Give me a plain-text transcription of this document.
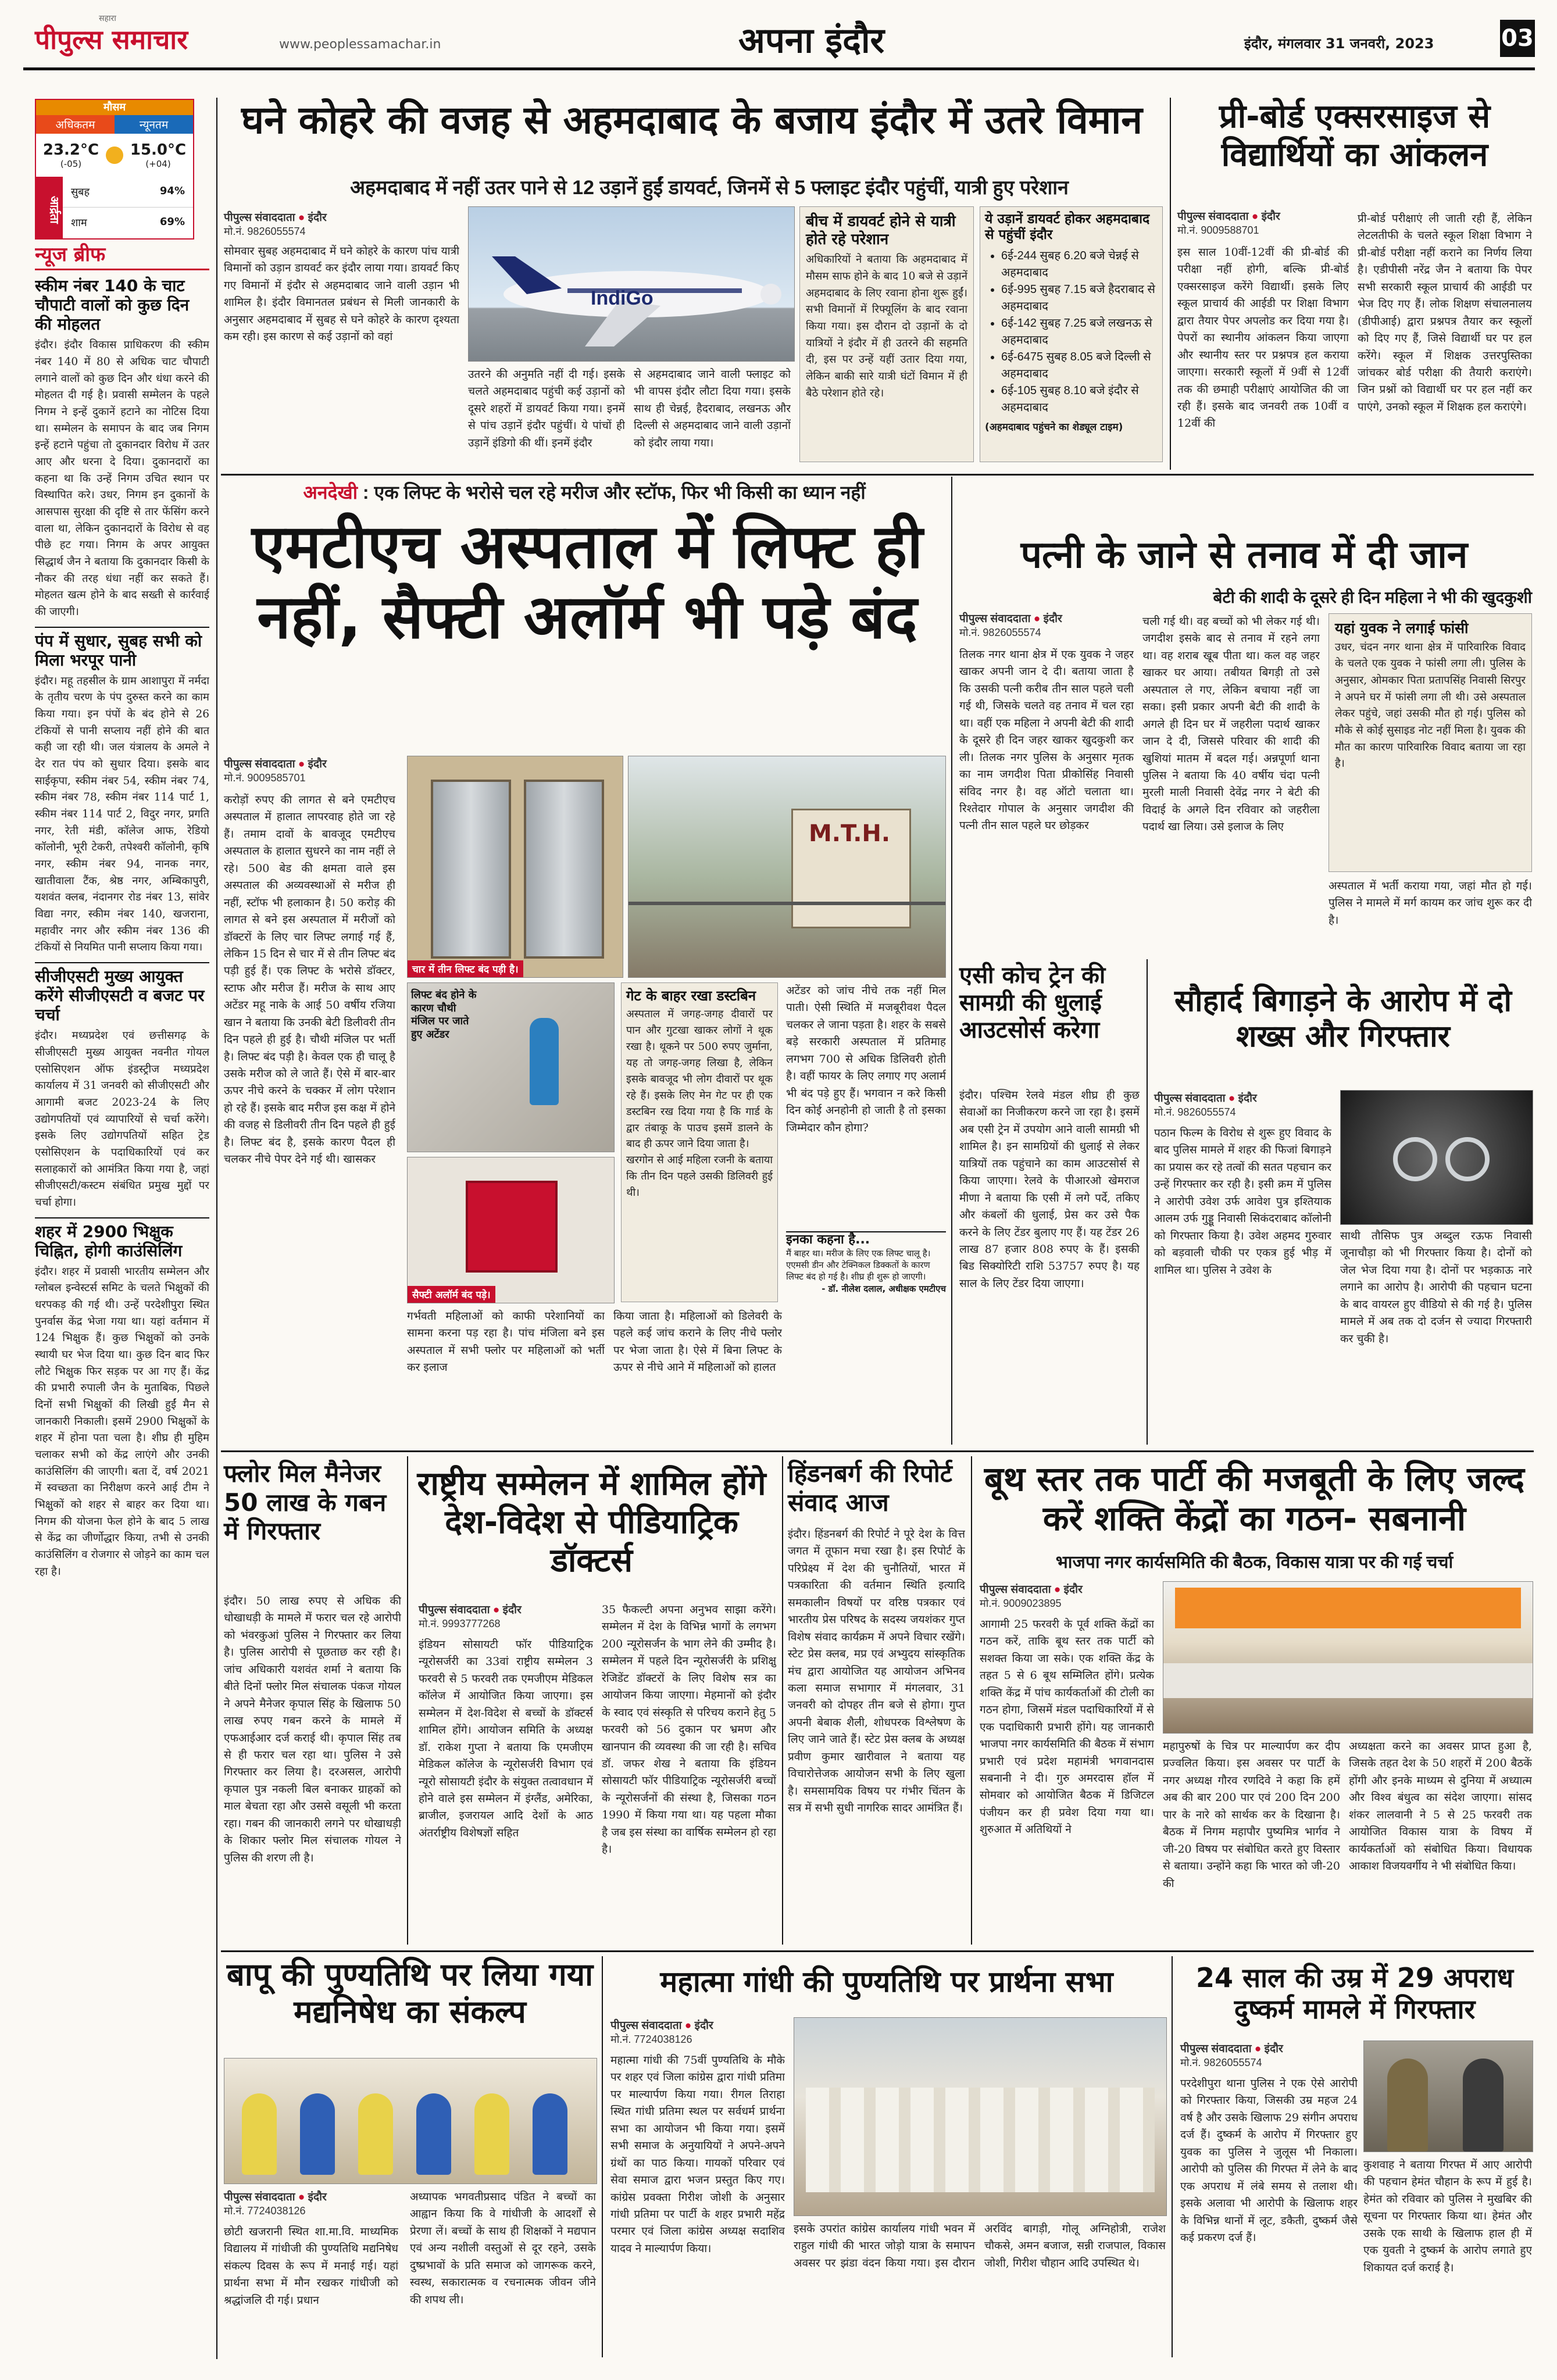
पीपुल्स समाचार
सहारा
www.peoplessamachar.in	अपना इंदौर	इंदौर, मंगलवार 31 जनवरी, 2023	03
मौसम
अधिकतम	न्यूनतम
23.2°C
(-05)
15.0°C
(+04)
आर्द्रता
सुबह	94%
शाम	69%
न्यूज ब्रीफ
स्कीम नंबर 140 के चाट चौपाटी वालों को कुछ दिन की मोहलत
इंदौर। इंदौर विकास प्राधिकरण की स्कीम नंबर 140 में 80 से अधिक चाट चौपाटी लगाने वालों को कुछ दिन और धंधा करने की मोहलत दी गई है। प्रवासी सम्मेलन के पहले निगम ने इन्हें दुकानें हटाने का नोटिस दिया था। सम्मेलन के समापन के बाद जब निगम इन्हें हटाने पहुंचा तो दुकानदार विरोध में उतर आए और धरना दे दिया। दुकानदारों का कहना था कि उन्हें निगम उचित स्थान पर विस्थापित करे। उधर, निगम इन दुकानों के आसपास सुरक्षा की दृष्टि से तार फेंसिंग करने वाला था, लेकिन दुकानदारों के विरोध से वह पीछे हट गया। निगम के अपर आयुक्त सिद्धार्थ जैन ने बताया कि दुकानदार किसी के नौकर की तरह धंधा नहीं कर सकते हैं। मोहलत खत्म होने के बाद सख्ती से कार्रवाई की जाएगी।
पंप में सुधार, सुबह सभी को मिला भरपूर पानी
इंदौर। महू तहसील के ग्राम आशापुरा में नर्मदा के तृतीय चरण के पंप दुरुस्त करने का काम किया गया। इन पंपों के बंद होने से 26 टंकियों से पानी सप्लाय नहीं होने की बात कही जा रही थी। जल यंत्रालय के अमले ने देर रात पंप को सुधार दिया। इसके बाद साईकृपा, स्कीम नंबर 54, स्कीम नंबर 74, स्कीम नंबर 78, स्कीम नंबर 114 पार्ट 1, स्कीम नंबर 114 पार्ट 2, विदुर नगर, प्रगति नगर, रेती मंडी, कॉलेज आफ, रेडियो कॉलोनी, भूरी टेकरी, तपेश्वरी कॉलोनी, कृषि नगर, स्कीम नंबर 94, नानक नगर, खातीवाला टैंक, श्रेष्ठ नगर, अम्बिकापुरी, यशवंत क्लब, नंदानगर रोड नंबर 13, सांवेर विद्या नगर, स्कीम नंबर 140, खजराना, महावीर नगर और स्कीम नंबर 136 की टंकियों से नियमित पानी सप्लाय किया गया।
सीजीएसटी मुख्य आयुक्त करेंगे सीजीएसटी व बजट पर चर्चा
इंदौर। मध्यप्रदेश एवं छत्तीसगढ़ के सीजीएसटी मुख्य आयुक्त नवनीत गोयल एसोसिएशन ऑफ इंडस्ट्रीज मध्यप्रदेश कार्यालय में 31 जनवरी को सीजीएसटी और आगामी बजट 2023-24 के लिए उद्योगपतियों एवं व्यापारियों से चर्चा करेंगे। इसके लिए उद्योगपतियों सहित ट्रेड एसोसिएशन के पदाधिकारियों एवं कर सलाहकारों को आमंत्रित किया गया है, जहां सीजीएसटी/कस्टम संबंधित प्रमुख मुद्दों पर चर्चा होगा।
शहर में 2900 भिक्षुक चिह्नित, होगी काउंसिलिंग
इंदौर। शहर में प्रवासी भारतीय सम्मेलन और ग्लोबल इन्वेस्टर्स समिट के चलते भिक्षुकों की धरपकड़ की गई थी। उन्हें परदेशीपुरा स्थित पुनर्वास केंद्र भेजा गया था। यहां वर्तमान में 124 भिक्षुक हैं। कुछ भिक्षुकों को उनके स्थायी घर भेज दिया था। कुछ दिन बाद फिर लौटे भिक्षुक फिर सड़क पर आ गए हैं। केंद्र की प्रभारी रुपाली जैन के मुताबिक, पिछले दिनों सभी भिक्षुकों की लिखी हुईं मैन से जानकारी निकाली। इसमें 2900 भिक्षुकों के शहर में होना पता चला है। शीघ्र ही मुहिम चलाकर सभी को केंद्र लाएंगे और उनकी काउंसिलिंग की जाएगी। बता दें, वर्ष 2021 में स्वच्छता का निरीक्षण करने आई टीम ने भिक्षुकों को शहर से बाहर कर दिया था। निगम की योजना फेल होने के बाद 5 लाख से केंद्र का जीर्णोद्धार किया, तभी से उनकी काउंसिलिंग व रोजगार से जोड़ने का काम चल रहा है।
घने कोहरे की वजह से अहमदाबाद के बजाय इंदौर में उतरे विमान
अहमदाबाद में नहीं उतर पाने से 12 उड़ानें हुईं डायवर्ट, जिनमें से 5 फ्लाइट इंदौर पहुंचीं, यात्री हुए परेशान
पीपुल्स संवाददाता ● इंदौर
मो.नं. 9826055574
IndiGo
सोमवार सुबह अहमदाबाद में घने कोहरे के कारण पांच यात्री विमानों को उड़ान डायवर्ट कर इंदौर लाया गया। डायवर्ट किए गए विमानों में इंदौर से अहमदाबाद जाने वाली उड़ान भी शामिल है। इंदौर विमानतल प्रबंधन से मिली जानकारी के अनुसार अहमदाबाद में सुबह से घने कोहरे के कारण दृश्यता कम रही। इस कारण से कई उड़ानों को वहां
उतरने की अनुमति नहीं दी गई। इसके चलते अहमदाबाद पहुंची कई उड़ानों को दूसरे शहरों में डायवर्ट किया गया। इनमें से पांच उड़ानें इंदौर पहुंचीं। ये पांचों ही उड़ानें इंडिगो की थीं। इनमें इंदौर
से अहमदाबाद जाने वाली फ्लाइट को भी वापस इंदौर लौटा दिया गया। इसके साथ ही चेन्नई, हैदराबाद, लखनऊ और दिल्ली से अहमदाबाद जाने वाली उड़ानों को इंदौर लाया गया।
बीच में डायवर्ट होने से यात्री होते रहे परेशान
अधिकारियों ने बताया कि अहमदाबाद में मौसम साफ होने के बाद 10 बजे से उड़ानें अहमदाबाद के लिए रवाना होना शुरू हुईं। सभी विमानों में रिफ्यूलिंग के बाद रवाना किया गया। इस दौरान दो उड़ानों के दो यात्रियों ने इंदौर में ही उतरने की सहमति दी, इस पर उन्हें यहीं उतार दिया गया, लेकिन बाकी सारे यात्री घंटों विमान में ही बैठे परेशान होते रहे।
ये उड़ानें डायवर्ट होकर अहमदाबाद से पहुंचीं इंदौर
• 6ई-244 सुबह 6.20 बजे चेन्नई से अहमदाबाद
• 6ई-995 सुबह 7.15 बजे हैदराबाद से अहमदाबाद
• 6ई-142 सुबह 7.25 बजे लखनऊ से अहमदाबाद
• 6ई-6475 सुबह 8.05 बजे दिल्ली से अहमदाबाद
• 6ई-105 सुबह 8.10 बजे इंदौर से अहमदाबाद
(अहमदाबाद पहुंचने का शेड्यूल टाइम)
प्री-बोर्ड एक्सरसाइज से विद्यार्थियों का आंकलन
पीपुल्स संवाददाता ● इंदौर
मो.नं. 9009588701
इस साल 10वीं-12वीं की प्री-बोर्ड की परीक्षा नहीं होगी, बल्कि प्री-बोर्ड एक्सरसाइज करेंगे विद्यार्थी। इसके लिए स्कूल प्राचार्य की आईडी पर शिक्षा विभाग द्वारा तैयार पेपर अपलोड कर दिया गया है। पेपरों का स्थानीय आंकलन किया जाएगा और स्थानीय स्तर पर प्रश्नपत्र हल कराया जाएगा। सरकारी स्कूलों में 9वीं से 12वीं तक की छमाही परीक्षाएं आयोजित की जा रही हैं। इसके बाद जनवरी तक 10वीं व 12वीं की
प्री-बोर्ड परीक्षाएं ली जाती रही हैं, लेकिन लेटलतीफी के चलते स्कूल शिक्षा विभाग ने प्री-बोर्ड परीक्षा नहीं कराने का निर्णय लिया है। एडीपीसी नरेंद्र जैन ने बताया कि पेपर सभी सरकारी स्कूल प्राचार्य की आईडी पर भेज दिए गए हैं। लोक शिक्षण संचालनालय (डीपीआई) द्वारा प्रश्नपत्र तैयार कर स्कूलों को दिए गए हैं, जिसे विद्यार्थी घर पर हल करेंगे। स्कूल में शिक्षक उत्तरपुस्तिका जांचकर बोर्ड परीक्षा की तैयारी कराएंगे। जिन प्रश्नों को विद्यार्थी घर पर हल नहीं कर पाएंगे, उनको स्कूल में शिक्षक हल कराएंगे।
अनदेखी : एक लिफ्ट के भरोसे चल रहे मरीज और स्टॉफ, फिर भी किसी का ध्यान नहीं
एमटीएच अस्पताल में लिफ्ट ही नहीं, सैफ्टी अलॉर्म भी पड़े बंद
पीपुल्स संवाददाता ● इंदौर
मो.नं. 9009585701
करोड़ों रुपए की लागत से बने एमटीएच अस्पताल में हालात लापरवाह होते जा रहे हैं। तमाम दावों के बावजूद एमटीएच अस्पताल के हालात सुधरने का नाम नहीं ले रहे। 500 बेड की क्षमता वाले इस अस्पताल की अव्यवस्थाओं से मरीज ही नहीं, स्टॉफ भी हलाकान है। 50 करोड़ की लागत से बने इस अस्पताल में मरीजों को डॉक्टरों के लिए चार लिफ्ट लगाई गई हैं, लेकिन 15 दिन से चार में से तीन लिफ्ट बंद पड़ी हुई हैं। एक लिफ्ट के भरोसे डॉक्टर, स्टाफ और मरीज हैं। मरीज के साथ आए अटेंडर महू नाके के आई 50 वर्षीय रजिया खान ने बताया कि उनकी बेटी डिलीवरी तीन दिन पहले ही हुई है। चौथी मंजिल पर भर्ती है। लिफ्ट बंद पड़ी है। केवल एक ही चालू है उसके मरीज को ले जाते हैं। ऐसे में बार-बार ऊपर नीचे करने के चक्कर में लोग परेशान हो रहे हैं। इसके बाद मरीज इस कक्ष में होने की वजह से डिलीवरी तीन दिन पहले ही हुई है। लिफ्ट बंद है, इसके कारण पैदल ही चलकर नीचे पेपर देने गई थी। खासकर
चार में तीन लिफ्ट बंद पड़ी है।
M.T.H.
लिफ्ट बंद होने के कारण चौथी मंजिल पर जाते हुए अटेंडर
सैफ्टी अलॉर्म बंद पड़े।
गेट के बाहर रखा डस्टबिन
अस्पताल में जगह-जगह दीवारों पर पान और गुटखा खाकर लोगों ने थूक रखा है। थूकने पर 500 रुपए जुर्माना, यह तो जगह-जगह लिखा है, लेकिन इसके बावजूद भी लोग दीवारों पर थूक रहे हैं। इसके लिए मेन गेट पर ही एक डस्टबिन रख दिया गया है कि गार्ड के द्वार तंबाकू के पाउच इसमें डालने के बाद ही ऊपर जाने दिया जाता है।
खरगोन से आई महिला रजनी के बताया कि तीन दिन पहले उसकी डिलिवरी हुई थी।
अटेंडर को जांच नीचे तक नहीं मिल पाती। ऐसी स्थिति में मजबूरीवश पैदल चलकर ले जाना पड़ता है। शहर के सबसे बड़े सरकारी अस्पताल में प्रतिमाह लगभग 700 से अधिक डिलिवरी होती है। वहीं फायर के लिए लगाए गए अलार्म भी बंद पड़े हुए हैं। भगवान न करे किसी दिन कोई अनहोनी हो जाती है तो इसका जिम्मेदार कौन होगा?
इनका कहना है...
मैं बाहर था। मरीज के लिए एक लिफ्ट चालू है। एएमसी डीन और टेक्निकल डिक्कतों के कारण लिफ्ट बंद हो गई है। शीघ्र ही शुरू हो जाएगी।
- डॉ. नीलेश दलाल, अधीक्षक एमटीएच
गर्भवती महिलाओं को काफी परेशानियों का सामना करना पड़ रहा है। पांच मंजिला बने इस अस्पताल में सभी फ्लोर पर महिलाओं को भर्ती कर इलाज
किया जाता है। महिलाओं को डिलेवरी के पहले कई जांच कराने के लिए नीचे फ्लोर पर भेजा जाता है। ऐसे में बिना लिफ्ट के ऊपर से नीचे आने में महिलाओं को हालत
पत्नी के जाने से तनाव में दी जान
बेटी की शादी के दूसरे ही दिन महिला ने भी की खुदकुशी
पीपुल्स संवाददाता ● इंदौर
मो.नं. 9826055574
तिलक नगर थाना क्षेत्र में एक युवक ने जहर खाकर अपनी जान दे दी। बताया जाता है कि उसकी पत्नी करीब तीन साल पहले चली गई थी, जिसके चलते वह तनाव में चल रहा था। वहीं एक महिला ने अपनी बेटी की शादी के दूसरे ही दिन जहर खाकर खुदकुशी कर ली। तिलक नगर पुलिस के अनुसार मृतक का नाम जगदीश पिता प्रीकोसिंह निवासी संविद नगर है। वह ऑटो चलाता था। रिश्तेदार गोपाल के अनुसार जगदीश की पत्नी तीन साल पहले घर छोड़कर
चली गई थी। वह बच्चों को भी लेकर गई थी। जगदीश इसके बाद से तनाव में रहने लगा था। वह शराब खूब पीता था। कल वह जहर खाकर घर आया। तबीयत बिगड़ी तो उसे अस्पताल ले गए, लेकिन बचाया नहीं जा सका। इसी प्रकार अपनी बेटी की शादी के अगले ही दिन घर में जहरीला पदार्थ खाकर जान दे दी, जिससे परिवार की शादी की खुशियां मातम में बदल गई। अन्नपूर्णा थाना पुलिस ने बताया कि 40 वर्षीय चंदा पत्नी मुरली माली निवासी देवेंद्र नगर ने बेटी की विदाई के अगले दिन रविवार को जहरीला पदार्थ खा लिया। उसे इलाज के लिए
यहां युवक ने लगाई फांसी
उधर, चंदन नगर थाना क्षेत्र में पारिवारिक विवाद के चलते एक युवक ने फांसी लगा ली। पुलिस के अनुसार, ओमकार पिता प्रतापसिंह निवासी सिरपुर ने अपने घर में फांसी लगा ली थी। उसे अस्पताल लेकर पहुंचे, जहां उसकी मौत हो गई। पुलिस को मौके से कोई सुसाइड नोट नहीं मिला है। युवक की मौत का कारण पारिवारिक विवाद बताया जा रहा है।
अस्पताल में भर्ती कराया गया, जहां मौत हो गई। पुलिस ने मामले में मर्ग कायम कर जांच शुरू कर दी है।
एसी कोच ट्रेन की सामग्री की धुलाई आउटसोर्स करेगा
इंदौर। पश्चिम रेलवे मंडल शीघ्र ही कुछ सेवाओं का निजीकरण करने जा रहा है। इसमें अब एसी ट्रेन में उपयोग आने वाली सामग्री भी शामिल है। इन सामग्रियों की धुलाई से लेकर यात्रियों तक पहुंचाने का काम आउटसोर्स से किया जाएगा। रेलवे के पीआरओ खेमराज मीणा ने बताया कि एसी में लगे पर्दे, तकिए और कंबलों की धुलाई, प्रेस कर उसे पैक करने के लिए टेंडर बुलाए गए हैं। यह टेंडर 26 लाख 87 हजार 808 रुपए के हैं। इसकी बिड सिक्योरिटी राशि 53757 रुपए है। यह साल के लिए टेंडर दिया जाएगा।
सौहार्द बिगाड़ने के आरोप में दो शख्स और गिरफ्तार
पीपुल्स संवाददाता ● इंदौर
मो.नं. 9826055574
पठान फिल्म के विरोध से शुरू हुए विवाद के बाद पुलिस मामले में शहर की फिजां बिगाड़ने का प्रयास कर रहे तत्वों की सतत पहचान कर उन्हें गिरफ्तार कर रही है। इसी क्रम में पुलिस ने आरोपी उवेश उर्फ आवेश पुत्र इश्तियाक आलम उर्फ गुड्डू निवासी सिकंदराबाद कॉलोनी को गिरफ्तार किया है। उवेश अहमद गुरुवार को बड़वाली चौकी पर एकत्र हुई भीड़ में शामिल था। पुलिस ने उवेश के
साथी तौसिफ पुत्र अब्दुल रऊफ निवासी जूनाचौड़ा को भी गिरफ्तार किया है। दोनों को जेल भेज दिया गया है। दोनों पर भड़काऊ नारे लगाने का आरोप है। आरोपी की पहचान घटना के बाद वायरल हुए वीडियो से की गई है। पुलिस मामले में अब तक दो दर्जन से ज्यादा गिरफ्तारी कर चुकी है।
फ्लोर मिल मैनेजर 50 लाख के गबन में गिरफ्तार
इंदौर। 50 लाख रुपए से अधिक की धोखाधड़ी के मामले में फरार चल रहे आरोपी को भंवरकुआं पुलिस ने गिरफ्तार कर लिया है। पुलिस आरोपी से पूछताछ कर रही है। जांच अधिकारी यशवंत शर्मा ने बताया कि बीते दिनों फ्लोर मिल संचालक पंकज गोयल ने अपने मैनेजर कृपाल सिंह के खिलाफ 50 लाख रुपए गबन करने के मामले में एफआईआर दर्ज कराई थी। कृपाल सिंह तब से ही फरार चल रहा था। पुलिस ने उसे गिरफ्तार कर लिया है। दरअसल, आरोपी कृपाल पुत्र नकली बिल बनाकर ग्राहकों को माल बेचता रहा और उससे वसूली भी करता रहा। गबन की जानकारी लगने पर धोखाधड़ी के शिकार फ्लोर मिल संचालक गोयल ने पुलिस की शरण ली है।
राष्ट्रीय सम्मेलन में शामिल होंगे देश-विदेश से पीडियाट्रिक डॉक्टर्स
पीपुल्स संवाददाता ● इंदौर
मो.नं. 9993777268
इंडियन सोसायटी फॉर पीडियाट्रिक न्यूरोसर्जरी का 33वां राष्ट्रीय सम्मेलन 3 फरवरी से 5 फरवरी तक एमजीएम मेडिकल कॉलेज में आयोजित किया जाएगा। इस सम्मेलन में देश-विदेश से बच्चों के डॉक्टर्स शामिल होंगे। आयोजन समिति के अध्यक्ष डॉ. राकेश गुप्ता ने बताया कि एमजीएम मेडिकल कॉलेज के न्यूरोसर्जरी विभाग एवं न्यूरो सोसायटी इंदौर के संयुक्त तत्वावधान में होने वाले इस सम्मेलन में इंग्लैंड, अमेरिका, ब्राजील, इजरायल आदि देशों के आठ अंतर्राष्ट्रीय विशेषज्ञों सहित
35 फैकल्टी अपना अनुभव साझा करेंगे। सम्मेलन में देश के विभिन्न भागों के लगभग 200 न्यूरोसर्जन के भाग लेने की उम्मीद है। सम्मेलन में पहले दिन न्यूरोसर्जरी के प्रशिक्षु रेजिडेंट डॉक्टरों के लिए विशेष सत्र का आयोजन किया जाएगा। मेहमानों को इंदौर के स्वाद एवं संस्कृति से परिचय कराने हेतु 5 फरवरी को 56 दुकान पर भ्रमण और खानपान की व्यवस्था की जा रही है। सचिव डॉ. जफर शेख ने बताया कि इंडियन सोसायटी फॉर पीडियाट्रिक न्यूरोसर्जरी बच्चों के न्यूरोसर्जनों की संस्था है, जिसका गठन 1990 में किया गया था। यह पहला मौका है जब इस संस्था का वार्षिक सम्मेलन हो रहा है।
हिंडनबर्ग की रिपोर्ट संवाद आज
इंदौर। हिंडनबर्ग की रिपोर्ट ने पूरे देश के वित्त जगत में तूफान मचा रखा है। इस रिपोर्ट के परिप्रेक्ष्य में देश की चुनौतियों, भारत में पत्रकारिता की वर्तमान स्थिति इत्यादि समकालीन विषयों पर वरिष्ठ पत्रकार एवं भारतीय प्रेस परिषद के सदस्य जयशंकर गुप्त विशेष संवाद कार्यक्रम में अपने विचार रखेंगे। स्टेट प्रेस क्लब, मप्र एवं अभ्युदय सांस्कृतिक मंच द्वारा आयोजित यह आयोजन अभिनव कला समाज सभागार में मंगलवार, 31 जनवरी को दोपहर तीन बजे से होगा। गुप्त अपनी बेबाक शैली, शोधपरक विश्लेषण के लिए जाने जाते हैं। स्टेट प्रेस क्लब के अध्यक्ष प्रवीण कुमार खारीवाल ने बताया यह विचारोत्तेजक आयोजन सभी के लिए खुला है। समसामयिक विषय पर गंभीर चिंतन के सत्र में सभी सुधी नागरिक सादर आमंत्रित हैं।
बूथ स्तर तक पार्टी की मजबूती के लिए जल्द करें शक्ति केंद्रों का गठन- सबनानी
भाजपा नगर कार्यसमिति की बैठक, विकास यात्रा पर की गई चर्चा
पीपुल्स संवाददाता ● इंदौर
मो.नं. 9009023895
आगामी 25 फरवरी के पूर्व शक्ति केंद्रों का गठन करें, ताकि बूथ स्तर तक पार्टी को सशक्त किया जा सके। एक शक्ति केंद्र के तहत 5 से 6 बूथ सम्मिलित होंगे। प्रत्येक शक्ति केंद्र में पांच कार्यकर्ताओं की टोली का गठन होगा, जिसमें मंडल पदाधिकारियों में से एक पदाधिकारी प्रभारी होंगे। यह जानकारी भाजपा नगर कार्यसमिति की बैठक में संभाग प्रभारी एवं प्रदेश महामंत्री भगवानदास सबनानी ने दी। गुरु अमरदास हॉल में सोमवार को आयोजित बैठक में डिजिटल पंजीयन कर ही प्रवेश दिया गया था। शुरुआत में अतिथियों ने
महापुरुषों के चित्र पर माल्यार्पण कर दीप प्रज्वलित किया। इस अवसर पर पार्टी के नगर अध्यक्ष गौरव रणदिवे ने कहा कि हमें अब की बार 200 पार एवं 200 दिन 200 पार के नारे को सार्थक कर के दिखाना है। बैठक में निगम महापौर पुष्यमित्र भार्गव ने जी-20 विषय पर संबोधित करते हुए विस्तार से बताया। उन्होंने कहा कि भारत को जी-20 की
अध्यक्षता करने का अवसर प्राप्त हुआ है, जिसके तहत देश के 50 शहरों में 200 बैठकें होंगी और इनके माध्यम से दुनिया में अध्यात्म और विश्व बंधुत्व का संदेश जाएगा। सांसद शंकर लालवानी ने 5 से 25 फरवरी तक आयोजित विकास यात्रा के विषय में कार्यकर्ताओं को संबोधित किया। विधायक आकाश विजयवर्गीय ने भी संबोधित किया।
बापू की पुण्यतिथि पर लिया गया मद्यनिषेध का संकल्प
पीपुल्स संवाददाता ● इंदौर
मो.नं. 7724038126
छोटी खजरानी स्थित शा.मा.वि. माध्यमिक विद्यालय में गांधीजी की पुण्यतिथि मद्यनिषेध संकल्प दिवस के रूप में मनाई गई। यहां प्रार्थना सभा में मौन रखकर गांधीजी को श्रद्धांजलि दी गई। प्रधान
अध्यापक भगवतीप्रसाद पंडित ने बच्चों का आह्वान किया कि वे गांधीजी के आदर्शों से प्रेरणा लें। बच्चों के साथ ही शिक्षकों ने मद्यपान एवं अन्य नशीली वस्तुओं से दूर रहने, उसके दुष्प्रभावों के प्रति समाज को जागरूक करने, स्वस्थ, सकारात्मक व रचनात्मक जीवन जीने की शपथ ली।
महात्मा गांधी की पुण्यतिथि पर प्रार्थना सभा
पीपुल्स संवाददाता ● इंदौर
मो.नं. 7724038126
महात्मा गांधी की 75वीं पुण्यतिथि के मौके पर शहर एवं जिला कांग्रेस द्वारा गांधी प्रतिमा पर माल्यार्पण किया गया। रीगल तिराहा स्थित गांधी प्रतिमा स्थल पर सर्वधर्म प्रार्थना सभा का आयोजन भी किया गया। इसमें सभी समाज के अनुयायियों ने अपने-अपने ग्रंथों का पाठ किया। गायकों परिवार एवं सेवा समाज द्वारा भजन प्रस्तुत किए गए। कांग्रेस प्रवक्ता गिरीश जोशी के अनुसार गांधी प्रतिमा पर पार्टी के शहर प्रभारी महेंद्र परमार एवं जिला कांग्रेस अध्यक्ष सदाशिव यादव ने माल्यार्पण किया।
इसके उपरांत कांग्रेस कार्यालय गांधी भवन में राहुल गांधी की भारत जोड़ो यात्रा के समापन अवसर पर झंडा वंदन किया गया। इस दौरान अरविंद बागड़ी, गोलू अग्निहोत्री, राजेश चौकसे, अमन बजाज, सन्नी राजपाल, विकास जोशी, गिरीश चौहान आदि उपस्थित थे।
24 साल की उम्र में 29 अपराध दुष्कर्म मामले में गिरफ्तार
पीपुल्स संवाददाता ● इंदौर
मो.नं. 9826055574
परदेशीपुरा थाना पुलिस ने एक ऐसे आरोपी को गिरफ्तार किया, जिसकी उम्र महज 24 वर्ष है और उसके खिलाफ 29 संगीन अपराध दर्ज हैं। दुष्कर्म के आरोप में गिरफ्तार हुए युवक का पुलिस ने जुलूस भी निकाला। आरोपी को पुलिस की गिरफ्त में लेने के बाद एक अपराध में लंबे समय से तलाश थी। इसके अलावा भी आरोपी के खिलाफ शहर के विभिन्न थानों में लूट, डकैती, दुष्कर्म जैसे कई प्रकरण दर्ज हैं।
कुशवाह ने बताया गिरफ्त में आए आरोपी की पहचान हेमंत चौहान के रूप में हुई है। हेमंत को रविवार को पुलिस ने मुखबिर की सूचना पर गिरफ्तार किया था। हेमंत और उसके एक साथी के खिलाफ हाल ही में एक युवती ने दुष्कर्म के आरोप लगाते हुए शिकायत दर्ज कराई है।
